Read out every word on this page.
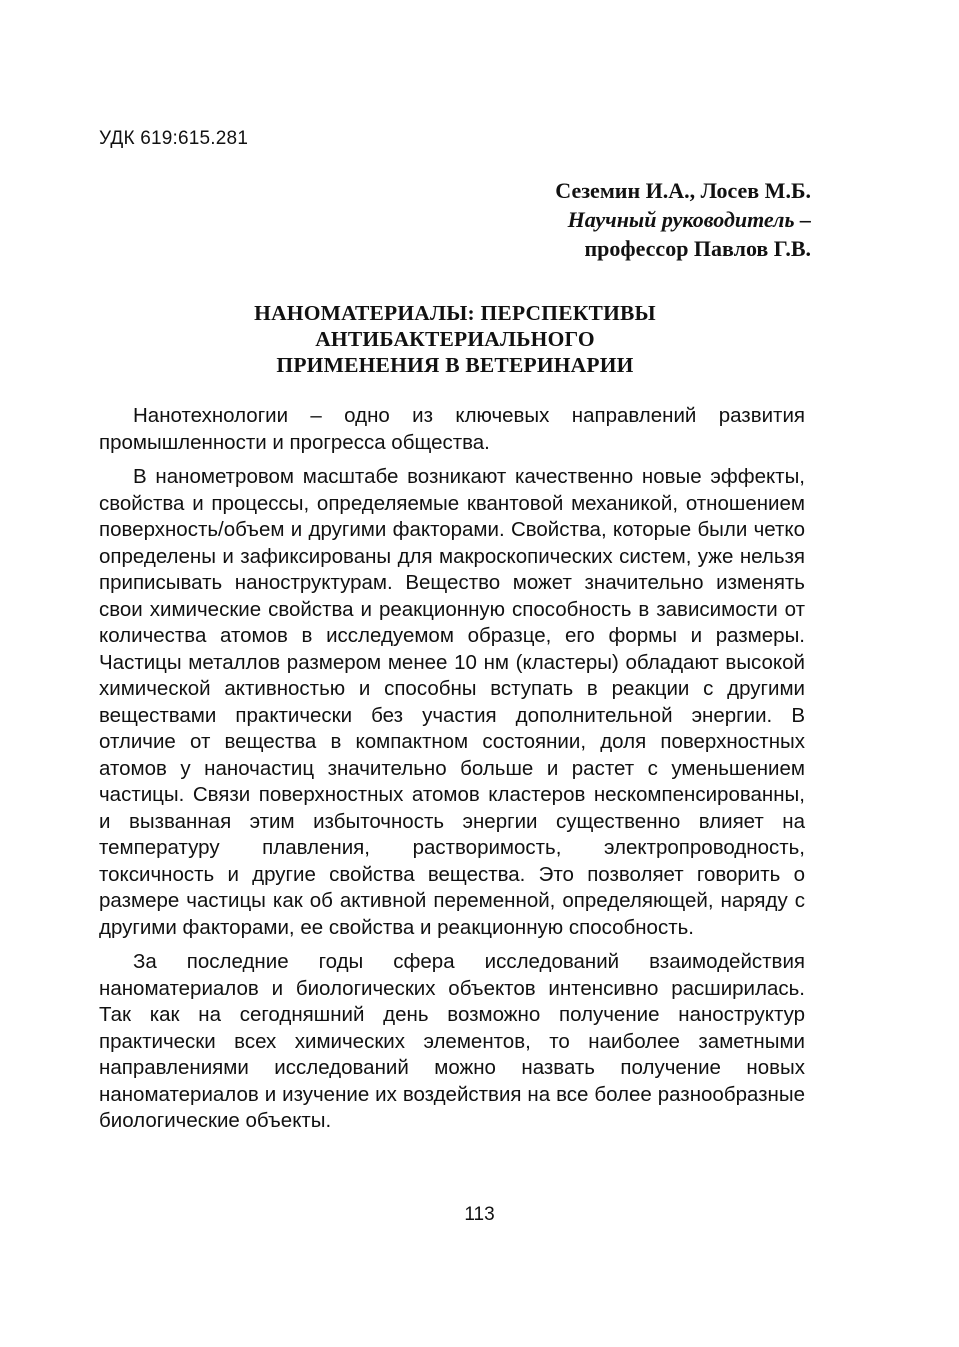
УДК 619:615.281
Сеземин И.А., Лосев М.Б.
Научный руководитель –
профессор Павлов Г.В.
НАНОМАТЕРИАЛЫ: ПЕРСПЕКТИВЫ
АНТИБАКТЕРИАЛЬНОГО
ПРИМЕНЕНИЯ В ВЕТЕРИНАРИИ

Нанотехнологии – одно из ключевых направлений развития промышленности и прогресса общества.

В нанометровом масштабе возникают качественно новые эффекты, свойства и процессы, определяемые квантовой механикой, отношением поверхность/объем и другими факторами. Свойства, которые были четко определены и зафиксированы для макроскопических систем, уже нельзя приписывать наноструктурам. Вещество может значительно изменять свои химические свойства и реакционную способность в зависимости от количества атомов в исследуемом образце, его формы и размеры. Частицы металлов размером менее 10 нм (кластеры) обладают высокой химической активностью и способны вступать в реакции с другими веществами практически без участия дополнительной энергии. В отличие от вещества в компактном состоянии, доля поверхностных атомов у наночастиц значительно больше и растет с уменьшением частицы. Связи поверхностных атомов кластеров нескомпенсированны, и вызванная этим избыточность энергии существенно влияет на температуру плавления, растворимость, электропроводность, токсичность и другие свойства вещества. Это позволяет говорить о размере частицы как об активной переменной, определяющей, наряду с другими факторами, ее свойства и реакционную способность.

За последние годы сфера исследований взаимодействия наноматериалов и биологических объектов интенсивно расширилась. Так как на сегодняшний день возможно получение наноструктур практически всех химических элементов, то наиболее заметными направлениями исследований можно назвать получение новых наноматериалов и изучение их воздействия на все более разнообразные биологические объекты.

113
